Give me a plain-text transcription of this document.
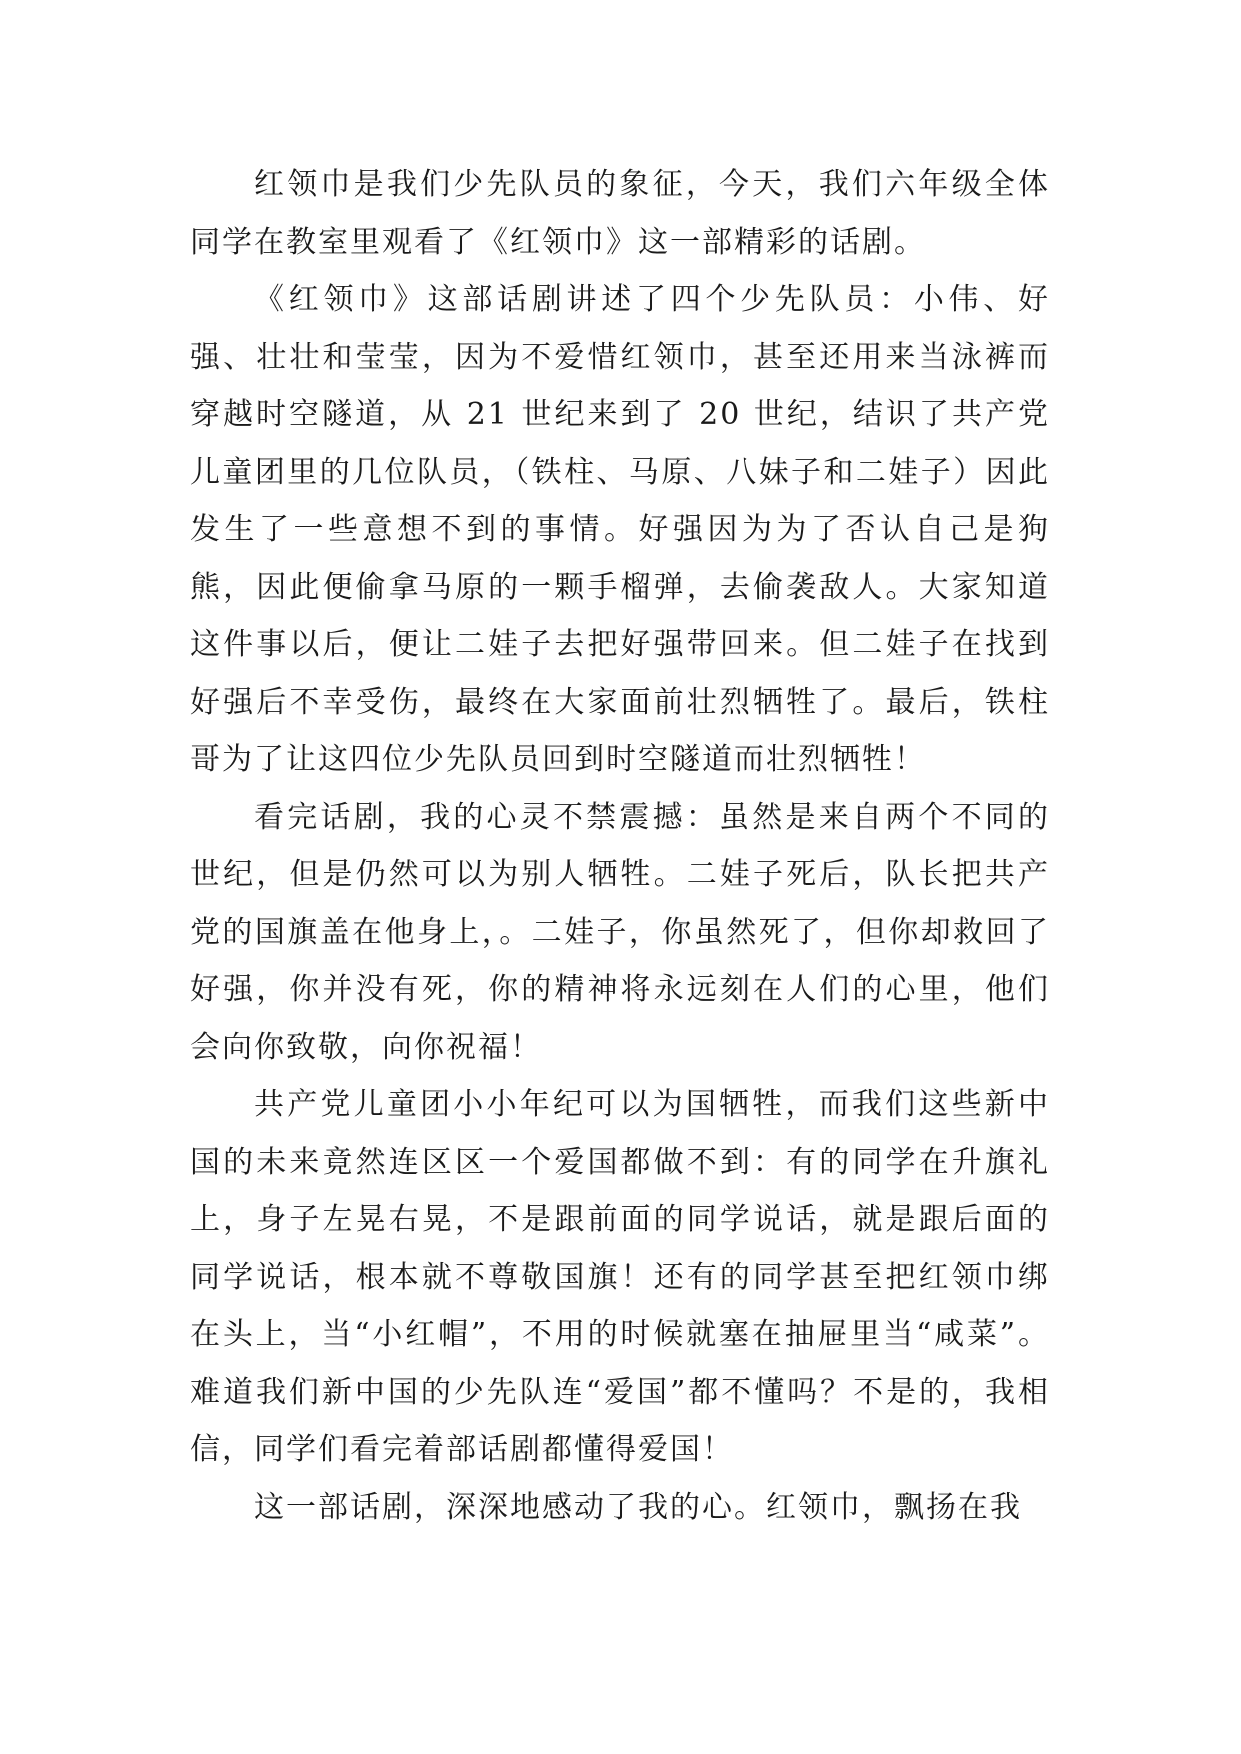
红领巾是我们少先队员的象征，今天，我们六年级全体同学在教室里观看了《红领巾》这一部精彩的话剧。

《红领巾》这部话剧讲述了四个少先队员：小伟、好强、壮壮和莹莹，因为不爱惜红领巾，甚至还用来当泳裤而穿越时空隧道，从 21 世纪来到了 20 世纪，结识了共产党儿童团里的几位队员，（铁柱、马原、八妹子和二娃子）因此发生了一些意想不到的事情。好强因为为了否认自己是狗熊，因此便偷拿马原的一颗手榴弹，去偷袭敌人。大家知道这件事以后，便让二娃子去把好强带回来。但二娃子在找到好强后不幸受伤，最终在大家面前壮烈牺牲了。最后，铁柱哥为了让这四位少先队员回到时空隧道而壮烈牺牲！

看完话剧，我的心灵不禁震撼：虽然是来自两个不同的世纪，但是仍然可以为别人牺牲。二娃子死后，队长把共产党的国旗盖在他身上，。二娃子，你虽然死了，但你却救回了好强，你并没有死，你的精神将永远刻在人们的心里，他们会向你致敬，向你祝福！

共产党儿童团小小年纪可以为国牺牲，而我们这些新中国的未来竟然连区区一个爱国都做不到：有的同学在升旗礼上，身子左晃右晃，不是跟前面的同学说话，就是跟后面的同学说话，根本就不尊敬国旗！还有的同学甚至把红领巾绑在头上，当“小红帽”，不用的时候就塞在抽屉里当“咸菜”。难道我们新中国的少先队连“爱国”都不懂吗？不是的，我相信，同学们看完着部话剧都懂得爱国！

这一部话剧，深深地感动了我的心。红领巾，飘扬在我
